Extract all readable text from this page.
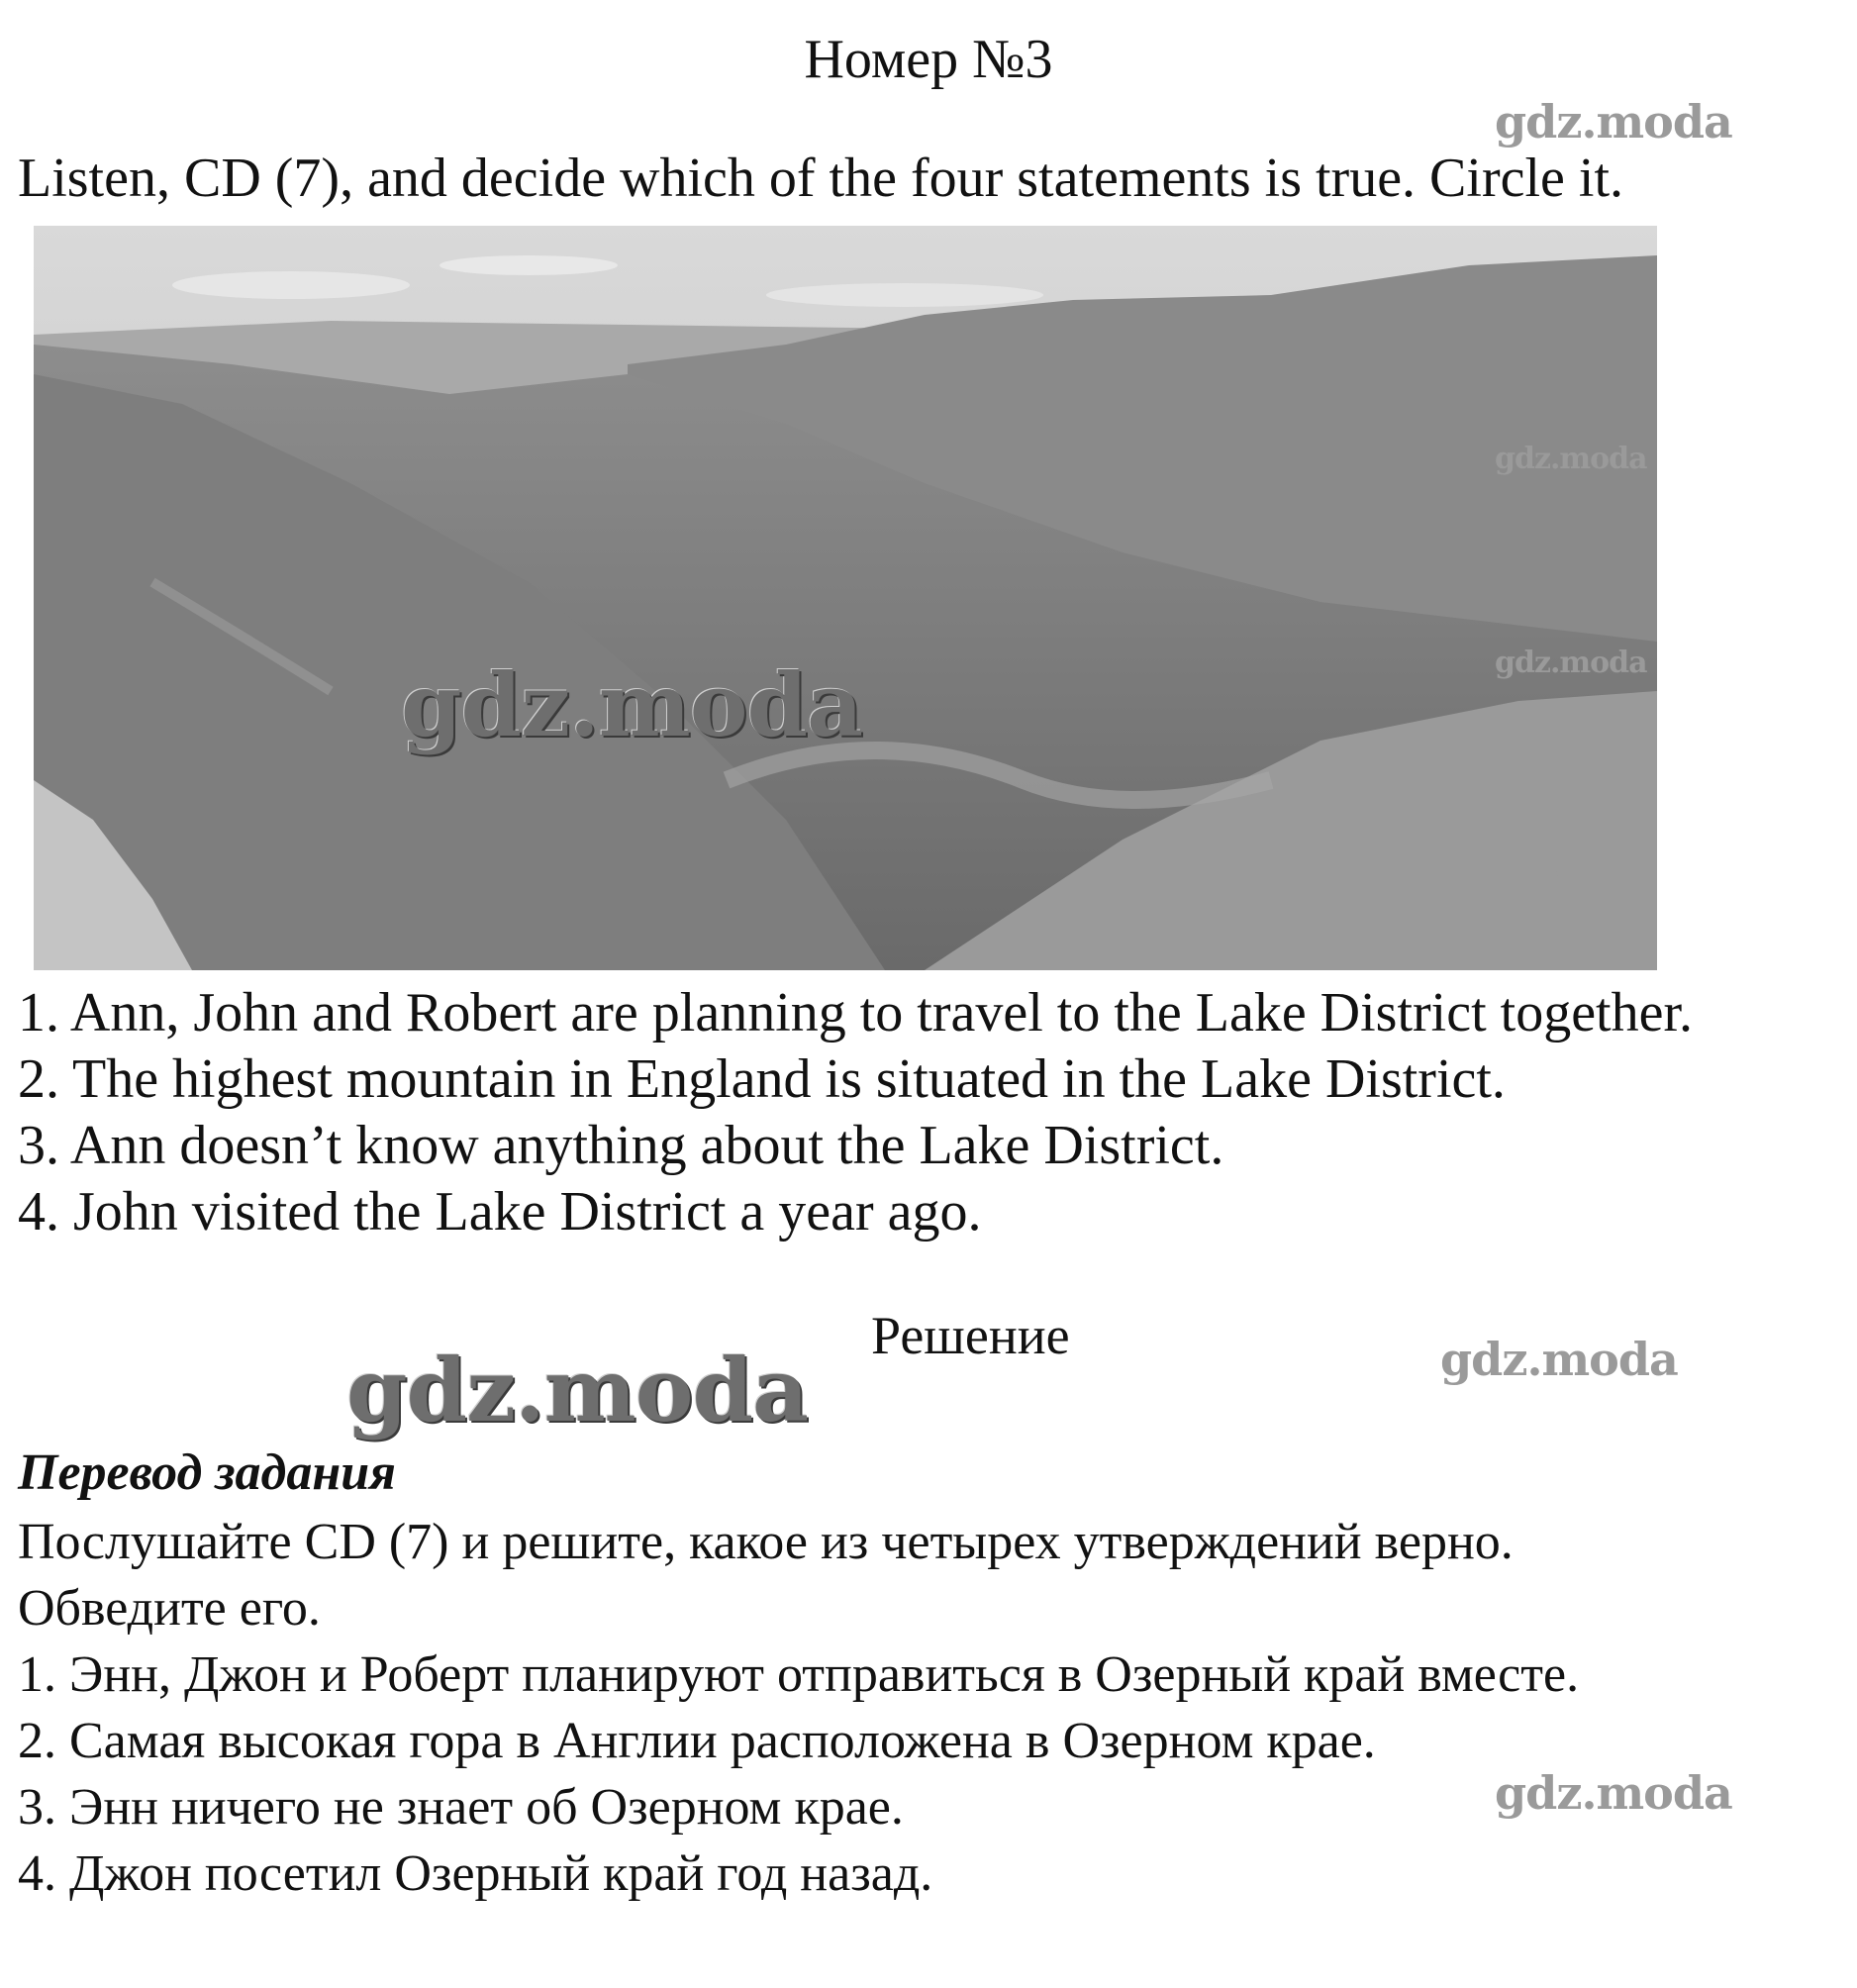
Номер №3
gdz.moda
Listen, CD (7), and decide which of the four statements is true. Circle it.
gdz.moda
gdz.moda
gdz.moda
gdz.moda
1. Ann, John and Robert are planning to travel to the Lake District together.
2. The highest mountain in England is situated in the Lake District.
3. Ann doesn’t know anything about the Lake District.
4. John visited the Lake District a year ago.
gdz.moda
Решение	gdz.moda
Перевод задания
Послушайте CD (7) и решите, какое из четырех утверждений верно.
Обведите его.
1. Энн, Джон и Роберт планируют отправиться в Озерный край вместе.
2. Самая высокая гора в Англии расположена в Озерном крае.
3. Энн ничего не знает об Озерном крае.
4. Джон посетил Озерный край год назад.
gdz.moda
